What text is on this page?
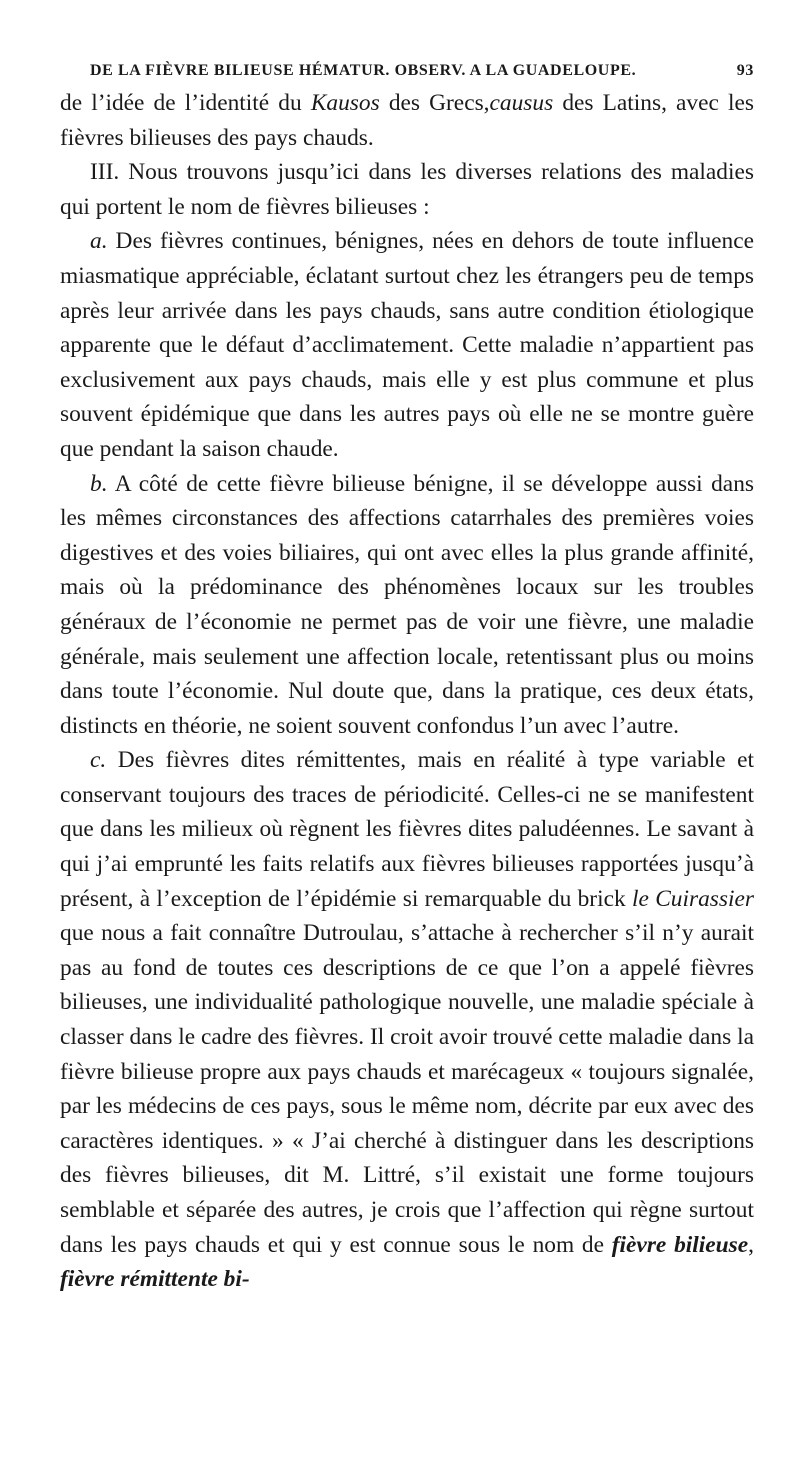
DE LA FIÈVRE BILIEUSE HÉMATUR. OBSERV. A LA GUADELOUPE.	93

de l’idée de l’identité du Kausos des Grecs,causus des Latins, avec les fièvres bilieuses des pays chauds.

III. Nous trouvons jusqu’ici dans les diverses relations des maladies qui portent le nom de fièvres bilieuses :

a. Des fièvres continues, bénignes, nées en dehors de toute influence miasmatique appréciable, éclatant surtout chez les étrangers peu de temps après leur arrivée dans les pays chauds, sans autre condition étiologique apparente que le défaut d’acclimatement. Cette maladie n’appartient pas exclusivement aux pays chauds, mais elle y est plus commune et plus souvent épidémique que dans les autres pays où elle ne se montre guère que pendant la saison chaude.

b. A côté de cette fièvre bilieuse bénigne, il se développe aussi dans les mêmes circonstances des affections catarrhales des premières voies digestives et des voies biliaires, qui ont avec elles la plus grande affinité, mais où la prédominance des phénomènes locaux sur les troubles généraux de l’économie ne permet pas de voir une fièvre, une maladie générale, mais seulement une affection locale, retentissant plus ou moins dans toute l’économie. Nul doute que, dans la pratique, ces deux états, distincts en théorie, ne soient souvent confondus l’un avec l’autre.

c. Des fièvres dites rémittentes, mais en réalité à type variable et conservant toujours des traces de périodicité. Celles-ci ne se manifestent que dans les milieux où règnent les fièvres dites paludéennes. Le savant à qui j’ai emprunté les faits relatifs aux fièvres bilieuses rapportées jusqu’à présent, à l’exception de l’épidémie si remarquable du brick le Cuirassier que nous a fait connaître Dutroulau, s’attache à rechercher s’il n’y aurait pas au fond de toutes ces descriptions de ce que l’on a appelé fièvres bilieuses, une individualité pathologique nouvelle, une maladie spéciale à classer dans le cadre des fièvres. Il croit avoir trouvé cette maladie dans la fièvre bilieuse propre aux pays chauds et marécageux « toujours signalée, par les médecins de ces pays, sous le même nom, décrite par eux avec des caractères identiques. » « J’ai cherché à distinguer dans les descriptions des fièvres bilieuses, dit M. Littré, s’il existait une forme toujours semblable et séparée des autres, je crois que l’affection qui règne surtout dans les pays chauds et qui y est connue sous le nom de fièvre bilieuse, fièvre rémittente bi-
